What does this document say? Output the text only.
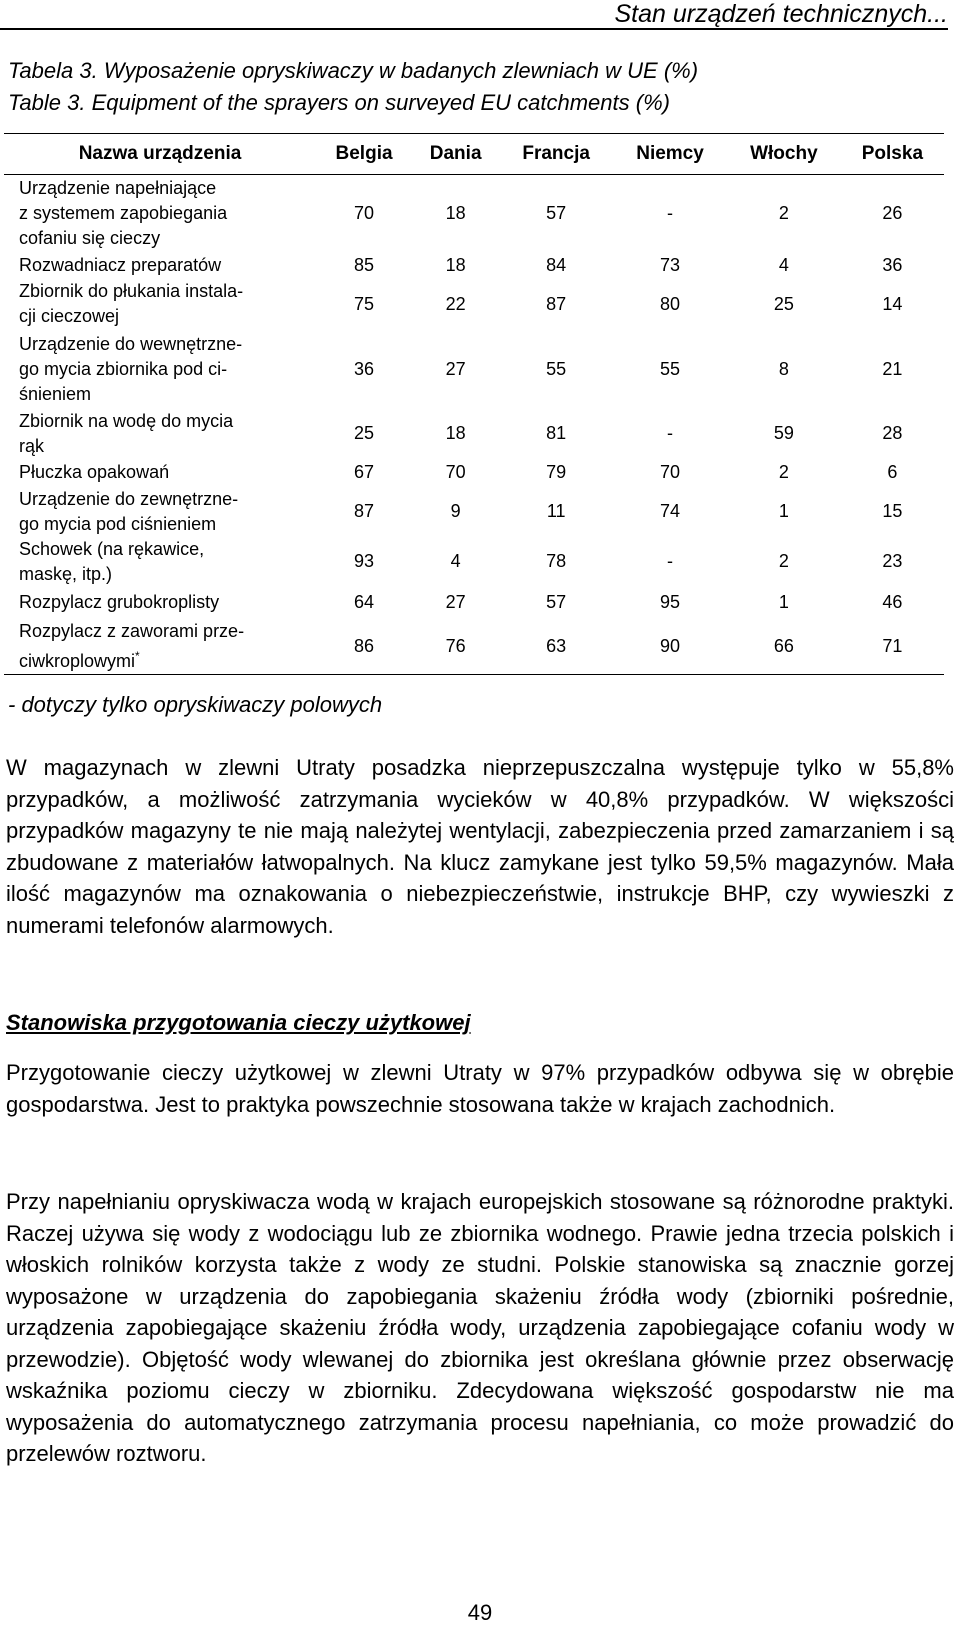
Stan urządzeń technicznych...
Tabela 3. Wyposażenie opryskiwaczy w badanych zlewniach w UE (%)
Table 3. Equipment of the sprayers on surveyed EU catchments (%)
Nazwa urządzenia	Belgia	Dania	Francja	Niemcy	Włochy	Polska
Urządzenie napełniające
z systemem zapobiegania
cofaniu się cieczy	70	18	57	-	2	26
Rozwadniacz preparatów	85	18	84	73	4	36
Zbiornik do płukania instala-
cji cieczowej	75	22	87	80	25	14
Urządzenie do wewnętrzne-
go mycia zbiornika pod ci-
śnieniem	36	27	55	55	8	21
Zbiornik na wodę do mycia
rąk	25	18	81	-	59	28
Płuczka opakowań	67	70	79	70	2	6
Urządzenie do zewnętrzne-
go mycia pod ciśnieniem	87	9	11	74	1	15
Schowek (na rękawice,
maskę, itp.)	93	4	78	-	2	23
Rozpylacz grubokroplisty	64	27	57	95	1	46
Rozpylacz z zaworami prze-
ciwkroplowymi*	86	76	63	90	66	71
- dotyczy tylko opryskiwaczy polowych
W magazynach w zlewni Utraty posadzka nieprzepuszczalna występuje tylko w 55,8% przypadków, a możliwość zatrzymania wycieków w 40,8% przypadków. W większości przypadków magazyny te nie mają należytej wentylacji, zabezpieczenia przed zamarzaniem i są zbudowane z materiałów łatwopalnych. Na klucz zamykane jest tylko 59,5% magazynów. Mała ilość magazynów ma oznakowania o niebezpieczeństwie, instrukcje BHP, czy wywieszki z numerami telefonów alarmowych.
Stanowiska przygotowania cieczy użytkowej
Przygotowanie cieczy użytkowej w zlewni Utraty w 97% przypadków odbywa się w obrębie gospodarstwa. Jest to praktyka powszechnie stosowana także w krajach zachodnich.
Przy napełnianiu opryskiwacza wodą w krajach europejskich stosowane są różnorodne praktyki. Raczej używa się wody z wodociągu lub ze zbiornika wodnego. Prawie jedna trzecia polskich i włoskich rolników korzysta także z wody ze studni. Polskie stanowiska są znacznie gorzej wyposażone w urządzenia do zapobiegania skażeniu źródła wody (zbiorniki pośrednie, urządzenia zapobiegające skażeniu źródła wody, urządzenia zapobiegające cofaniu wody w przewodzie). Objętość wody wlewanej do zbiornika jest określana głównie przez obserwację wskaźnika poziomu cieczy w zbiorniku. Zdecydowana większość gospodarstw nie ma wyposażenia do automatycznego zatrzymania procesu napełniania, co może prowadzić do przelewów roztworu.
49
